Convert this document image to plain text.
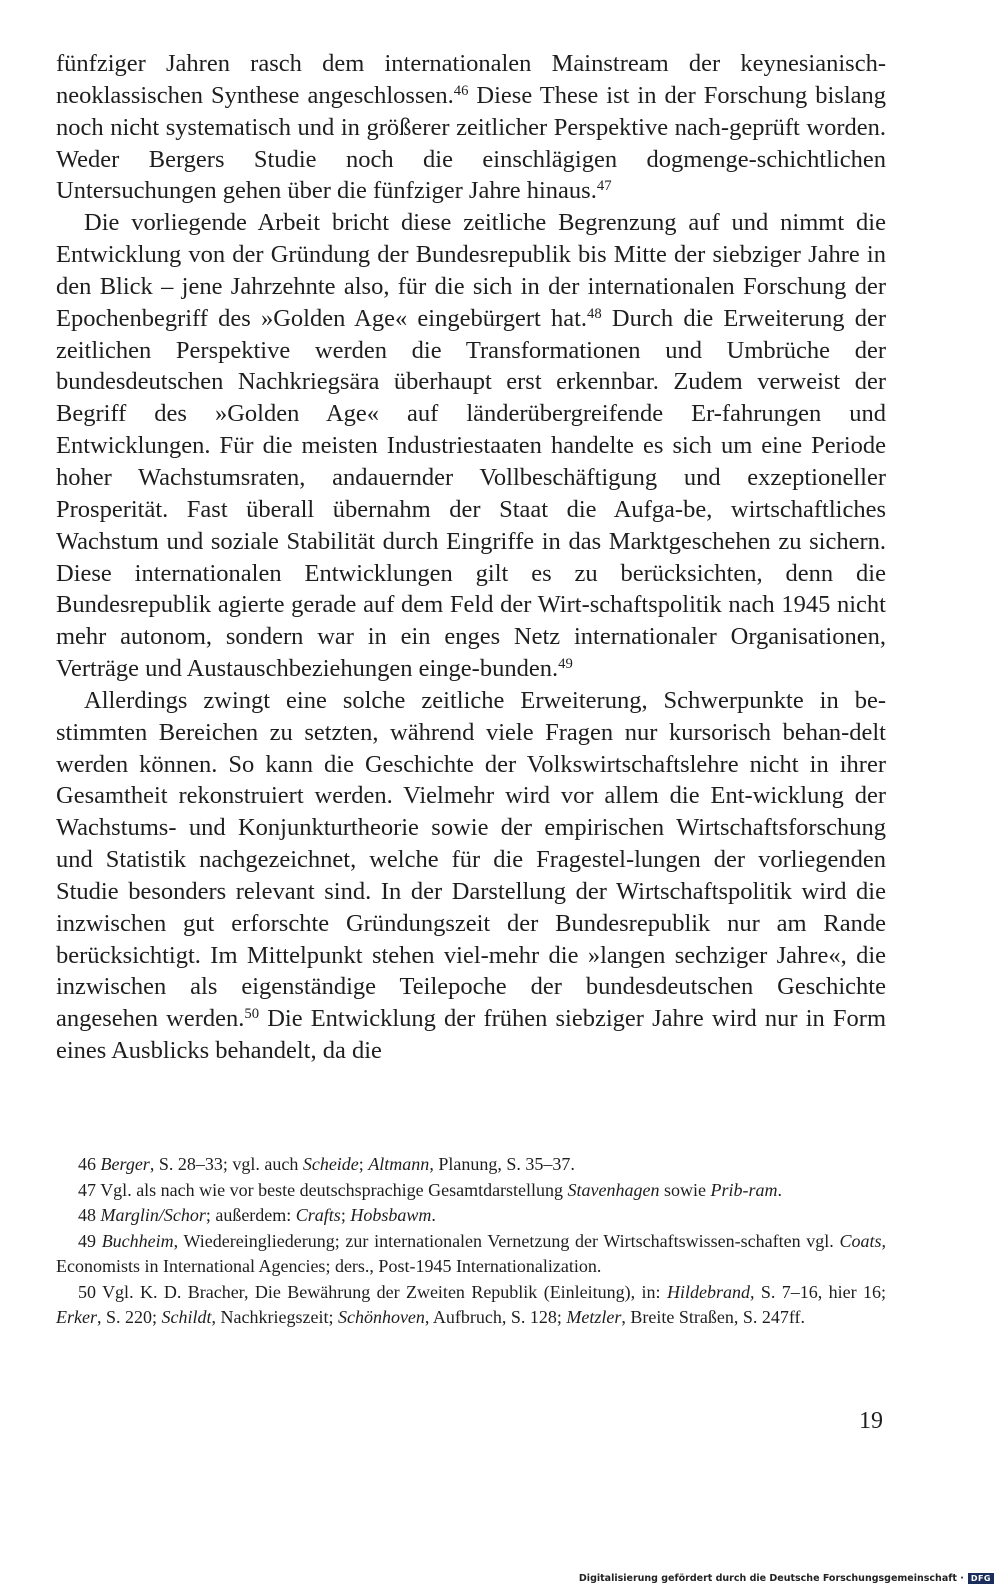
fünfziger Jahren rasch dem internationalen Mainstream der keynesianisch-neoklassischen Synthese angeschlossen.$^{46}$ Diese These ist in der Forschung bislang noch nicht systematisch und in größerer zeitlicher Perspektive nach-geprüft worden. Weder Bergers Studie noch die einschlägigen dogmenge-schichtlichen Untersuchungen gehen über die fünfziger Jahre hinaus.$^{47}$

Die vorliegende Arbeit bricht diese zeitliche Begrenzung auf und nimmt die Entwicklung von der Gründung der Bundesrepublik bis Mitte der siebziger Jahre in den Blick – jene Jahrzehnte also, für die sich in der internationalen Forschung der Epochenbegriff des »Golden Age« eingebürgert hat.$^{48}$ Durch die Erweiterung der zeitlichen Perspektive werden die Transformationen und Umbrüche der bundesdeutschen Nachkriegsära überhaupt erst erkennbar. Zudem verweist der Begriff des »Golden Age« auf länderübergreifende Er-fahrungen und Entwicklungen. Für die meisten Industriestaaten handelte es sich um eine Periode hoher Wachstumsraten, andauernder Vollbeschäftigung und exzeptioneller Prosperität. Fast überall übernahm der Staat die Aufga-be, wirtschaftliches Wachstum und soziale Stabilität durch Eingriffe in das Marktgeschehen zu sichern. Diese internationalen Entwicklungen gilt es zu berücksichten, denn die Bundesrepublik agierte gerade auf dem Feld der Wirt-schaftspolitik nach 1945 nicht mehr autonom, sondern war in ein enges Netz internationaler Organisationen, Verträge und Austauschbeziehungen einge-bunden.$^{49}$

Allerdings zwingt eine solche zeitliche Erweiterung, Schwerpunkte in be-stimmten Bereichen zu setzten, während viele Fragen nur kursorisch behan-delt werden können. So kann die Geschichte der Volkswirtschaftslehre nicht in ihrer Gesamtheit rekonstruiert werden. Vielmehr wird vor allem die Ent-wicklung der Wachstums- und Konjunkturtheorie sowie der empirischen Wirtschaftsforschung und Statistik nachgezeichnet, welche für die Fragestel-lungen der vorliegenden Studie besonders relevant sind. In der Darstellung der Wirtschaftspolitik wird die inzwischen gut erforschte Gründungszeit der Bundesrepublik nur am Rande berücksichtigt. Im Mittelpunkt stehen viel-mehr die »langen sechziger Jahre«, die inzwischen als eigenständige Teilepoche der bundesdeutschen Geschichte angesehen werden.$^{50}$ Die Entwicklung der frühen siebziger Jahre wird nur in Form eines Ausblicks behandelt, da die

46 Berger, S. 28–33; vgl. auch Scheide; Altmann, Planung, S. 35–37.

47 Vgl. als nach wie vor beste deutschsprachige Gesamtdarstellung Stavenhagen sowie Prib-ram.

48 Marglin/Schor; außerdem: Crafts; Hobsbawm.

49 Buchheim, Wiedereingliederung; zur internationalen Vernetzung der Wirtschaftswissen-schaften vgl. Coats, Economists in International Agencies; ders., Post-1945 Internationalization.

50 Vgl. K. D. Bracher, Die Bewährung der Zweiten Republik (Einleitung), in: Hildebrand, S. 7–16, hier 16; Erker, S. 220; Schildt, Nachkriegszeit; Schönhoven, Aufbruch, S. 128; Metzler, Breite Straßen, S. 247ff.

19
Digitalisierung gefördert durch die Deutsche Forschungsgemeinschaft · DFG
